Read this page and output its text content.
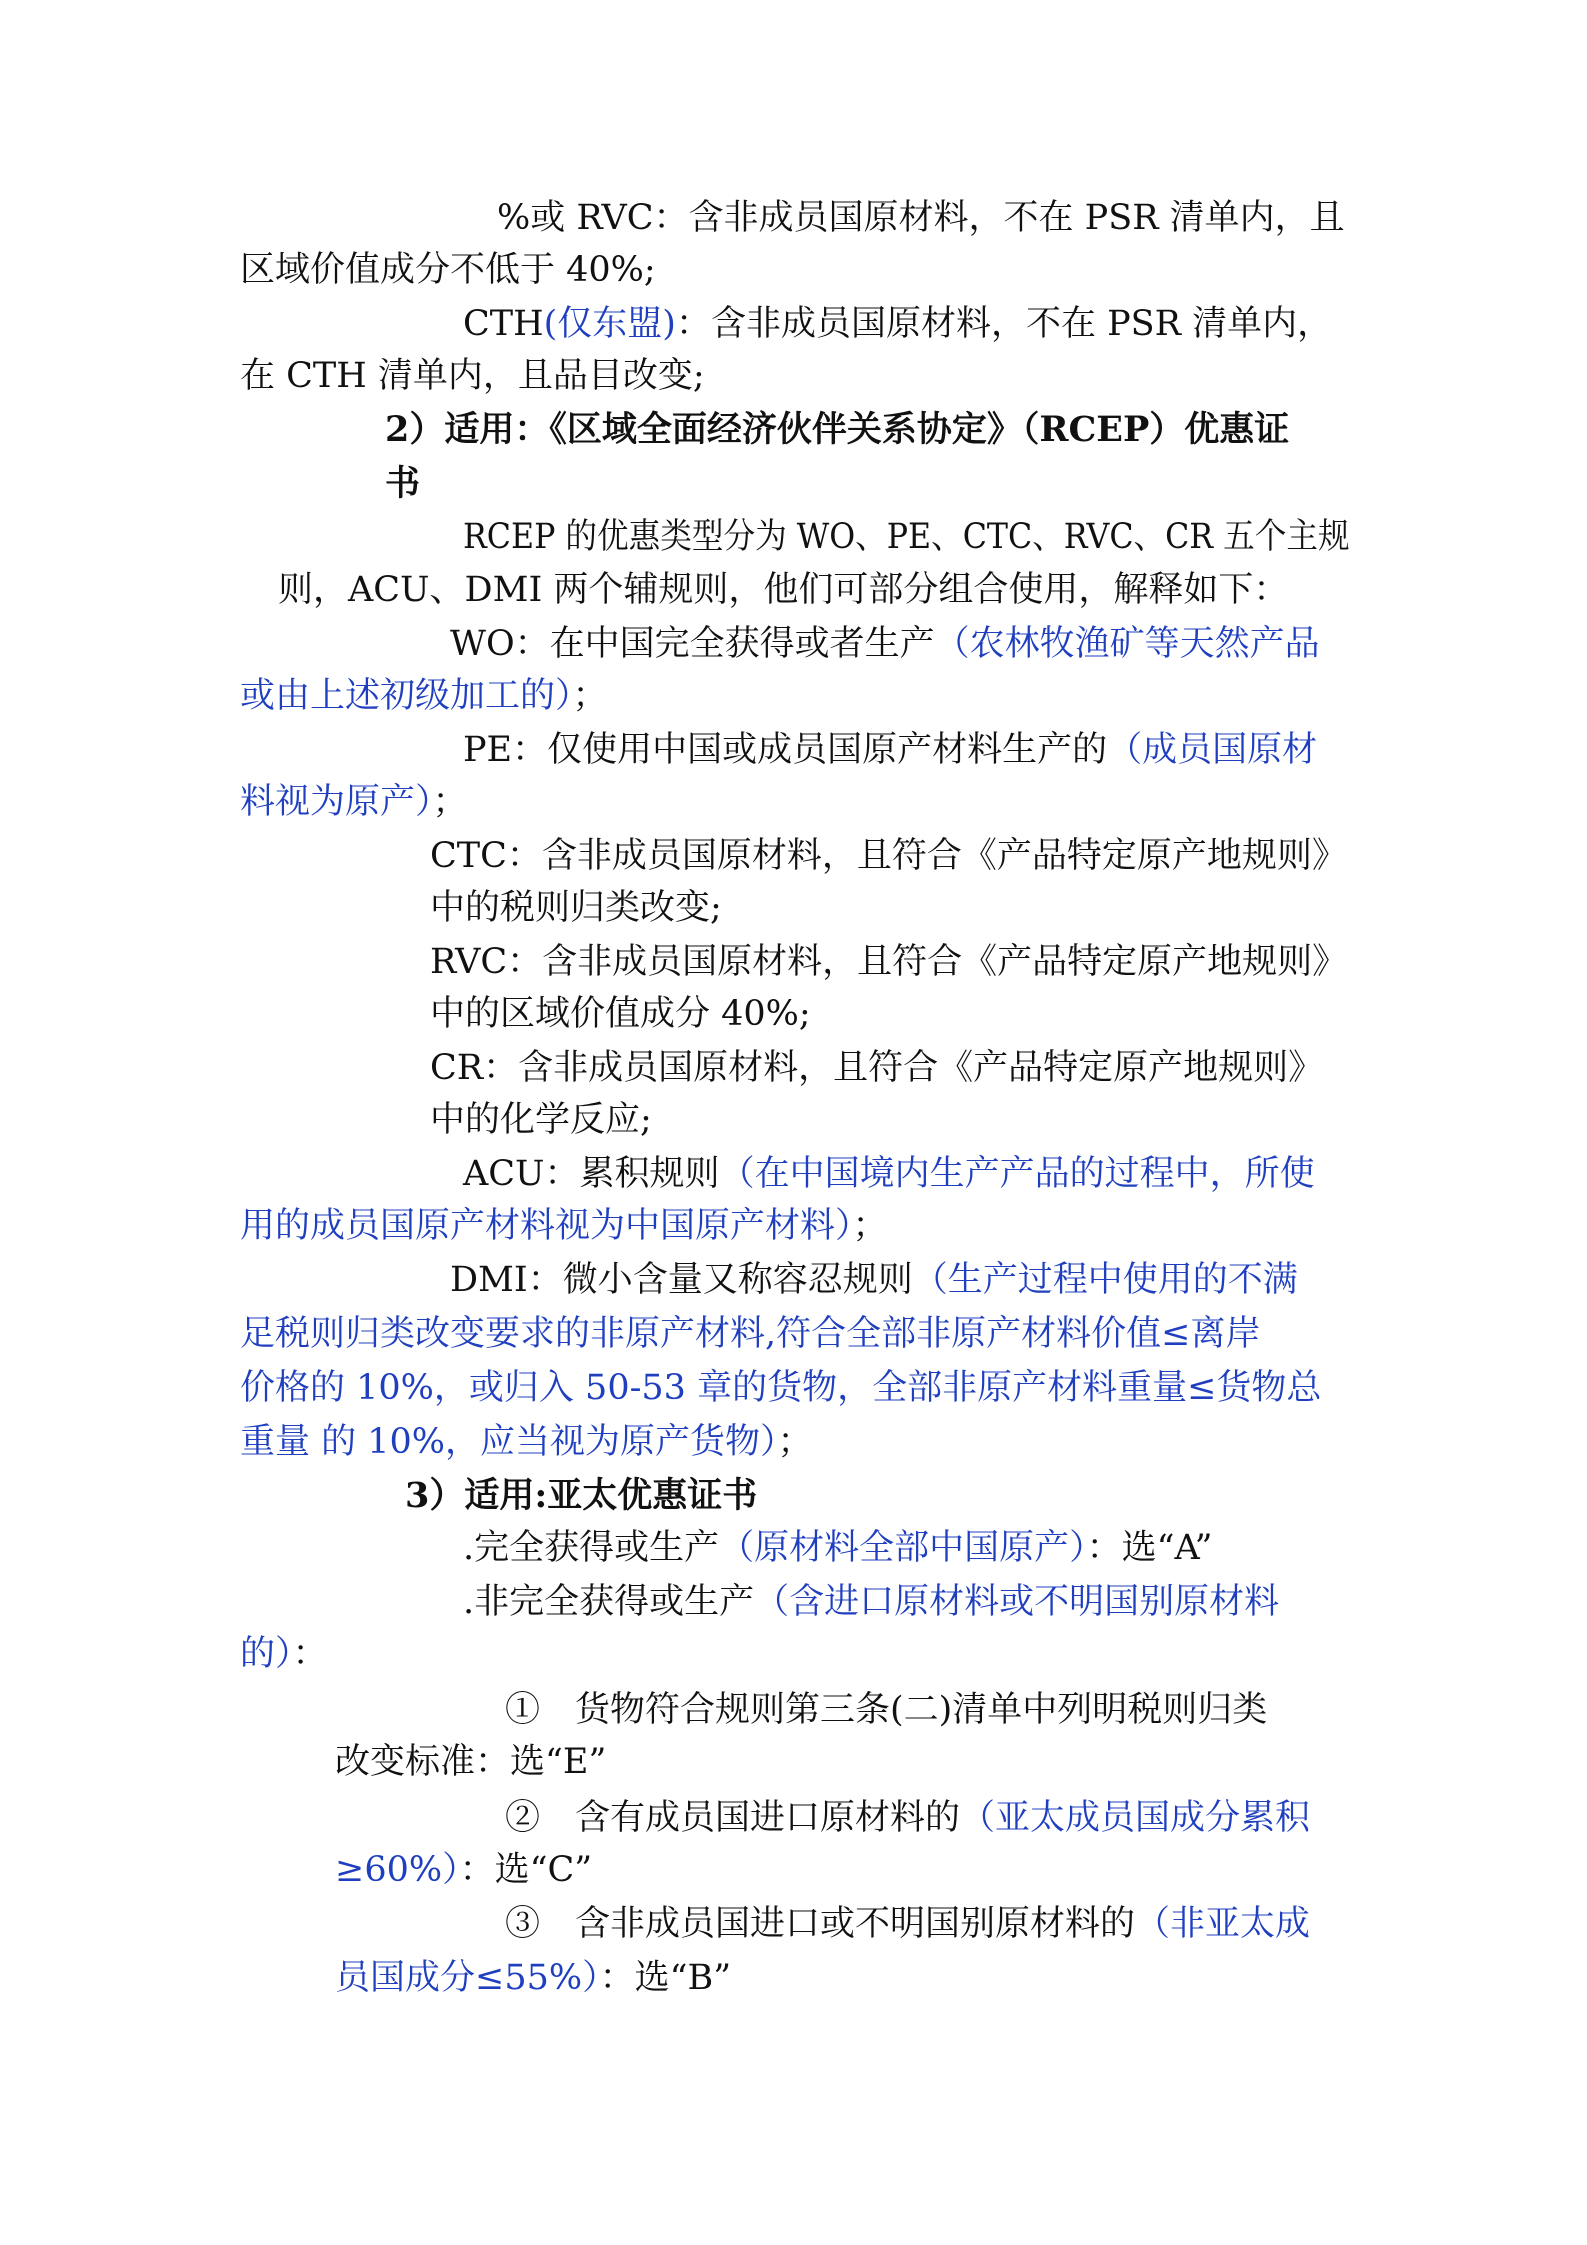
%或 RVC：含非成员国原材料，不在 PSR 清单内，且
区域价值成分不低于 40%;
CTH(仅东盟)：含非成员国原材料，不在 PSR 清单内，
在 CTH 清单内，且品目改变;
2）适用：《区域全面经济伙伴关系协定》（RCEP）优惠证
书
RCEP 的优惠类型分为 WO、PE、CTC、RVC、CR 五个主规
则，ACU、DMI 两个辅规则，他们可部分组合使用，解释如下：
WO：在中国完全获得或者生产（农林牧渔矿等天然产品
或由上述初级加工的）；
PE：仅使用中国或成员国原产材料生产的（成员国原材
料视为原产）；
CTC：含非成员国原材料，且符合《产品特定原产地规则》
中的税则归类改变;
RVC：含非成员国原材料，且符合《产品特定原产地规则》
中的区域价值成分 40%;
CR：含非成员国原材料，且符合《产品特定原产地规则》
中的化学反应;
ACU：累积规则（在中国境内生产产品的过程中，所使
用的成员国原产材料视为中国原产材料）；
DMI：微小含量又称容忍规则（生产过程中使用的不满
足税则归类改变要求的非原产材料,符合全部非原产材料价值≤离岸
价格的 10%，或归入 50-53 章的货物，全部非原产材料重量≤货物总
重量 的 10%，应当视为原产货物）；
3）适用:亚太优惠证书
.完全获得或生产（原材料全部中国原产）：选“A”
.非完全获得或生产（含进口原材料或不明国别原材料
的）：
①　货物符合规则第三条(二)清单中列明税则归类
改变标准：选“E”
②　含有成员国进口原材料的（亚太成员国成分累积
≥60%）：选“C”
③　含非成员国进口或不明国别原材料的（非亚太成
员国成分≤55%）：选“B”
